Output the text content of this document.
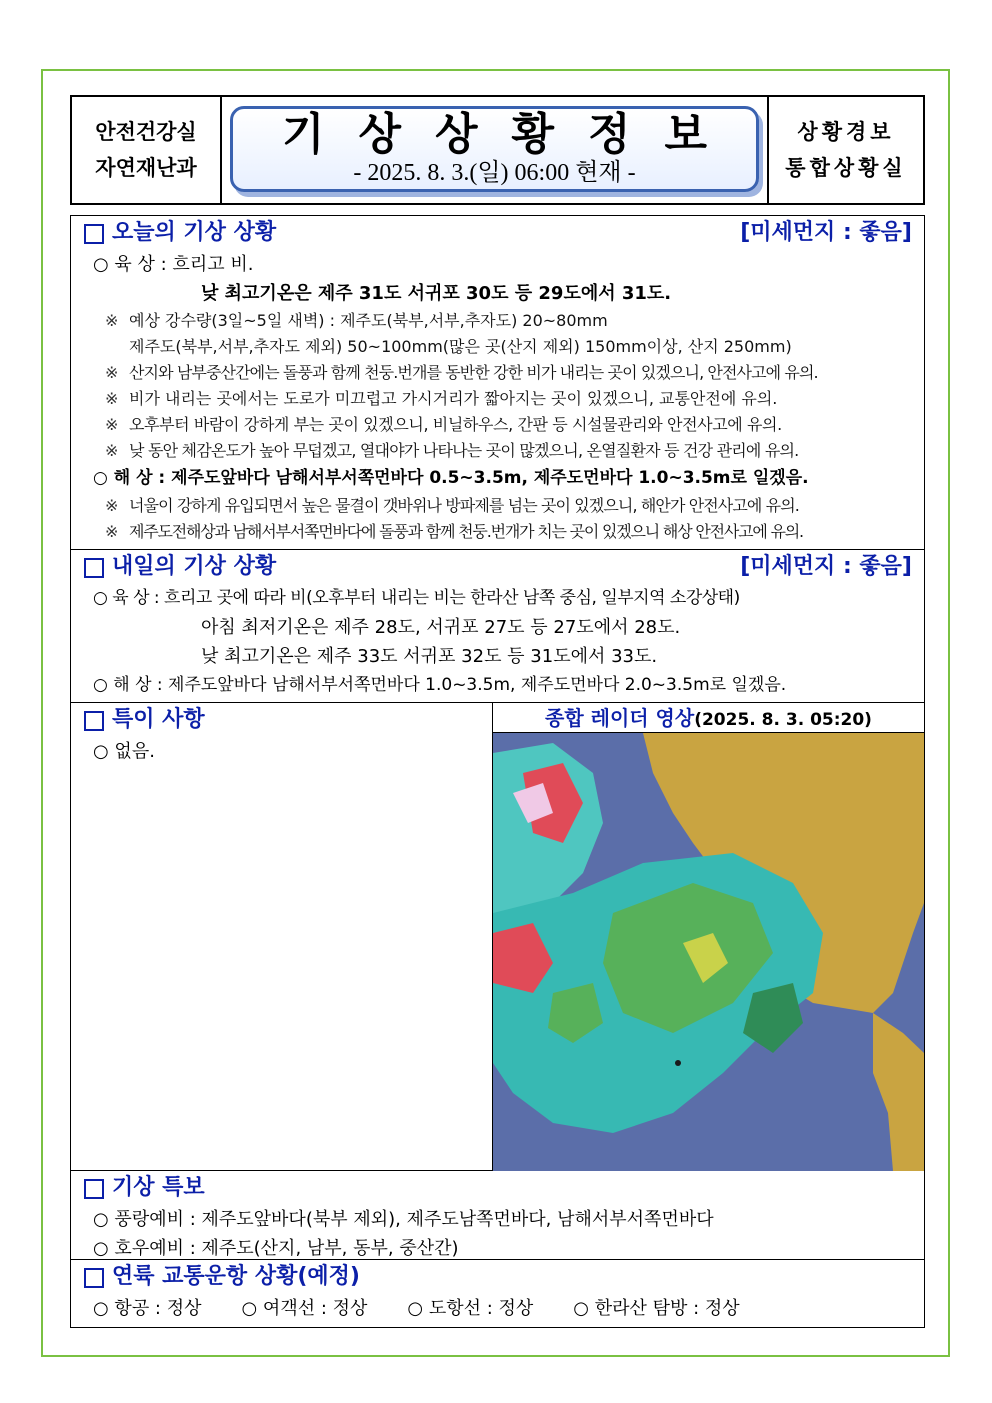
안전건강실
자연재난과
기상상황정보
- 2025. 8. 3.(일) 06:00 현재 -
상황경보
통합상황실
오늘의 기상 상황	[미세먼지 : 좋음]
○ 육 상 : 흐리고 비.
낮 최고기온은 제주 31도 서귀포 30도 등 29도에서 31도.
※ 예상 강수량(3일~5일 새벽) : 제주도(북부,서부,추자도) 20~80mm
제주도(북부,서부,추자도 제외) 50~100mm(많은 곳(산지 제외) 150mm이상, 산지 250mm)
※ 산지와 남부중산간에는 돌풍과 함께 천둥.번개를 동반한 강한 비가 내리는 곳이 있겠으니, 안전사고에 유의.
※ 비가 내리는 곳에서는 도로가 미끄럽고 가시거리가 짧아지는 곳이 있겠으니, 교통안전에 유의.
※ 오후부터 바람이 강하게 부는 곳이 있겠으니, 비닐하우스, 간판 등 시설물관리와 안전사고에 유의.
※ 낮 동안 체감온도가 높아 무덥겠고, 열대야가 나타나는 곳이 많겠으니, 온열질환자 등 건강 관리에 유의.
○ 해 상 : 제주도앞바다 남해서부서쪽먼바다 0.5~3.5m, 제주도먼바다 1.0~3.5m로 일겠음.
※ 너울이 강하게 유입되면서 높은 물결이 갯바위나 방파제를 넘는 곳이 있겠으니, 해안가 안전사고에 유의.
※ 제주도전해상과 남해서부서쪽먼바다에 돌풍과 함께 천둥.번개가 치는 곳이 있겠으니 해상 안전사고에 유의.
내일의 기상 상황	[미세먼지 : 좋음]
○ 육 상 : 흐리고 곳에 따라 비(오후부터 내리는 비는 한라산 남쪽 중심, 일부지역 소강상태)
아침 최저기온은 제주 28도, 서귀포 27도 등 27도에서 28도.
낮 최고기온은 제주 33도 서귀포 32도 등 31도에서 33도.
○ 해 상 : 제주도앞바다 남해서부서쪽먼바다 1.0~3.5m, 제주도먼바다 2.0~3.5m로 일겠음.
특이 사항
○ 없음.
종합 레이더 영상(2025. 8. 3. 05:20)
기상 특보
○ 풍랑예비 : 제주도앞바다(북부 제외), 제주도남쪽먼바다, 남해서부서쪽먼바다
○ 호우예비 : 제주도(산지, 남부, 동부, 중산간)
연륙 교통운항 상황(예정)
○ 항공 : 정상 ○ 여객선 : 정상 ○ 도항선 : 정상 ○ 한라산 탐방 : 정상
